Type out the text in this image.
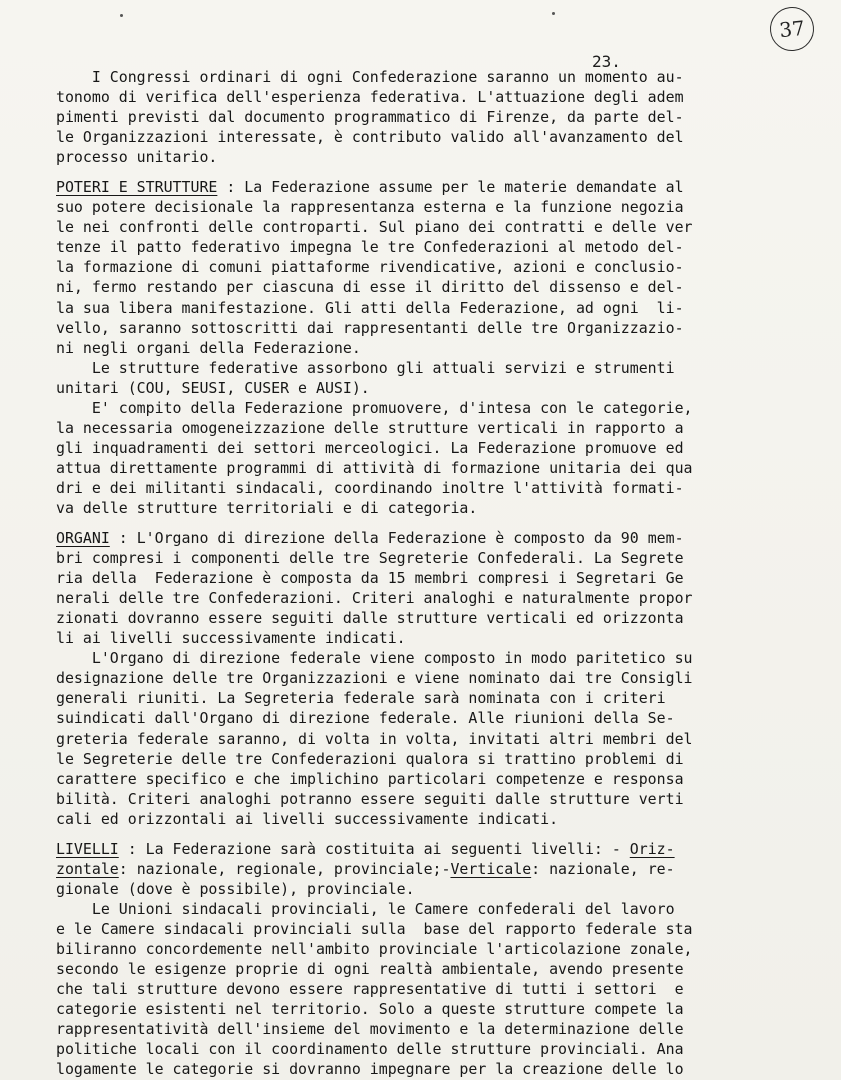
37
23.
I Congressi ordinari di ogni Confederazione saranno un momento au-
tonomo di verifica dell'esperienza federativa. L'attuazione degli adem
pimenti previsti dal documento programmatico di Firenze, da parte del-
le Organizzazioni interessate, è contributo valido all'avanzamento del
processo unitario.
POTERI E STRUTTURE : La Federazione assume per le materie demandate al
suo potere decisionale la rappresentanza esterna e la funzione negozia
le nei confronti delle controparti. Sul piano dei contratti e delle ver
tenze il patto federativo impegna le tre Confederazioni al metodo del-
la formazione di comuni piattaforme rivendicative, azioni e conclusio-
ni, fermo restando per ciascuna di esse il diritto del dissenso e del-
la sua libera manifestazione. Gli atti della Federazione, ad ogni  li-
vello, saranno sottoscritti dai rappresentanti delle tre Organizzazio-
ni negli organi della Federazione.
Le strutture federative assorbono gli attuali servizi e strumenti
unitari (COU, SEUSI, CUSER e AUSI).
E' compito della Federazione promuovere, d'intesa con le categorie,
la necessaria omogeneizzazione delle strutture verticali in rapporto a
gli inquadramenti dei settori merceologici. La Federazione promuove ed
attua direttamente programmi di attività di formazione unitaria dei qua
dri e dei militanti sindacali, coordinando inoltre l'attività formati-
va delle strutture territoriali e di categoria.
ORGANI : L'Organo di direzione della Federazione è composto da 90 mem-
bri compresi i componenti delle tre Segreterie Confederali. La Segrete
ria della  Federazione è composta da 15 membri compresi i Segretari Ge
nerali delle tre Confederazioni. Criteri analoghi e naturalmente propor
zionati dovranno essere seguiti dalle strutture verticali ed orizzonta
li ai livelli successivamente indicati.
L'Organo di direzione federale viene composto in modo paritetico su
designazione delle tre Organizzazioni e viene nominato dai tre Consigli
generali riuniti. La Segreteria federale sarà nominata con i criteri
suindicati dall'Organo di direzione federale. Alle riunioni della Se-
greteria federale saranno, di volta in volta, invitati altri membri del
le Segreterie delle tre Confederazioni qualora si trattino problemi di
carattere specifico e che implichino particolari competenze e responsa
bilità. Criteri analoghi potranno essere seguiti dalle strutture verti
cali ed orizzontali ai livelli successivamente indicati.
LIVELLI : La Federazione sarà costituita ai seguenti livelli: - Oriz-
zontale: nazionale, regionale, provinciale;-Verticale: nazionale, re-
gionale (dove è possibile), provinciale.
Le Unioni sindacali provinciali, le Camere confederali del lavoro
e le Camere sindacali provinciali sulla  base del rapporto federale sta
biliranno concordemente nell'ambito provinciale l'articolazione zonale,
secondo le esigenze proprie di ogni realtà ambientale, avendo presente
che tali strutture devono essere rappresentative di tutti i settori  e
categorie esistenti nel territorio. Solo a queste strutture compete la
rappresentatività dell'insieme del movimento e la determinazione delle
politiche locali con il coordinamento delle strutture provinciali. Ana
logamente le categorie si dovranno impegnare per la creazione delle lo
